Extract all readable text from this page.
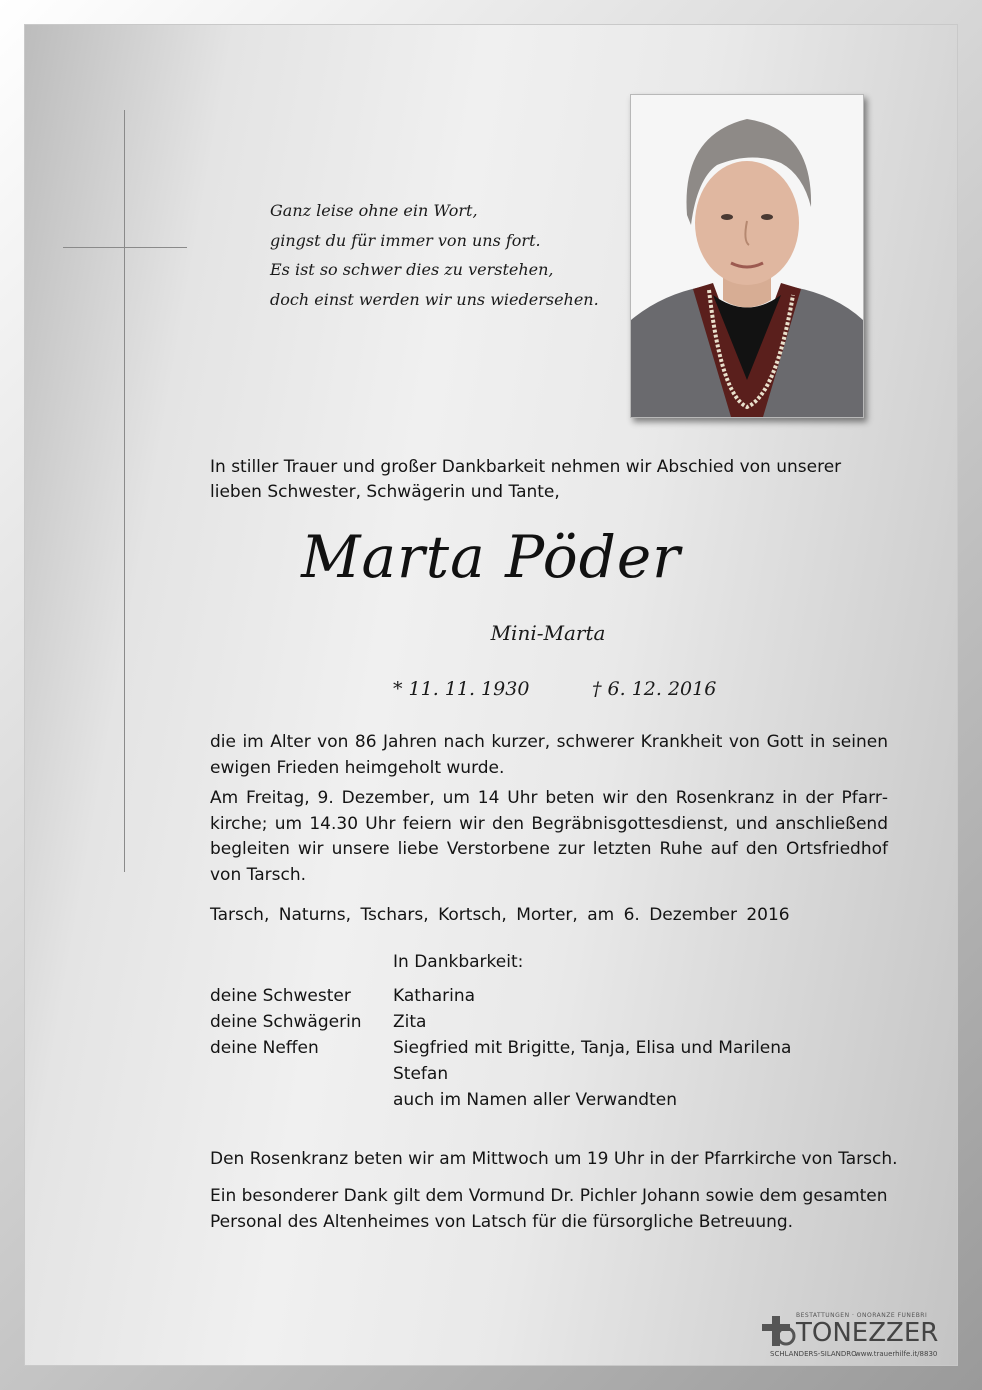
Ganz leise ohne ein Wort,
gingst du für immer von uns fort.
Es ist so schwer dies zu verstehen,
doch einst werden wir uns wiedersehen.
In stiller Trauer und großer Dankbarkeit nehmen wir Abschied von unserer lieben Schwester, Schwägerin und Tante,
Marta Pöder
Mini-Marta
* 11. 11. 1930	† 6. 12. 2016
die im Alter von 86 Jahren nach kurzer, schwerer Krankheit von Gott in seinen ewigen Frieden heimgeholt wurde.
Am Freitag, 9. Dezember, um 14 Uhr beten wir den Rosenkranz in der Pfarrkirche; um 14.30 Uhr feiern wir den Begräbnisgottesdienst, und anschließend begleiten wir unsere liebe Verstorbene zur letzten Ruhe auf den Ortsfriedhof von Tarsch.
Tarsch, Naturns, Tschars, Kortsch, Morter, am 6. Dezember 2016
In Dankbarkeit:
deine Schwester Katharina
deine Schwägerin Zita
deine Neffen	Siegfried mit Brigitte, Tanja, Elisa und Marilena
Stefan
auch im Namen aller Verwandten
Den Rosenkranz beten wir am Mittwoch um 19 Uhr in der Pfarrkirche von Tarsch.
Ein besonderer Dank gilt dem Vormund Dr. Pichler Johann sowie dem gesamten Personal des Altenheimes von Latsch für die fürsorgliche Betreuung.
BESTATTUNGEN · ONORANZE FUNEBRI
TONEZZER
SCHLANDERS-SILANDRO
www.trauerhilfe.it/8830
